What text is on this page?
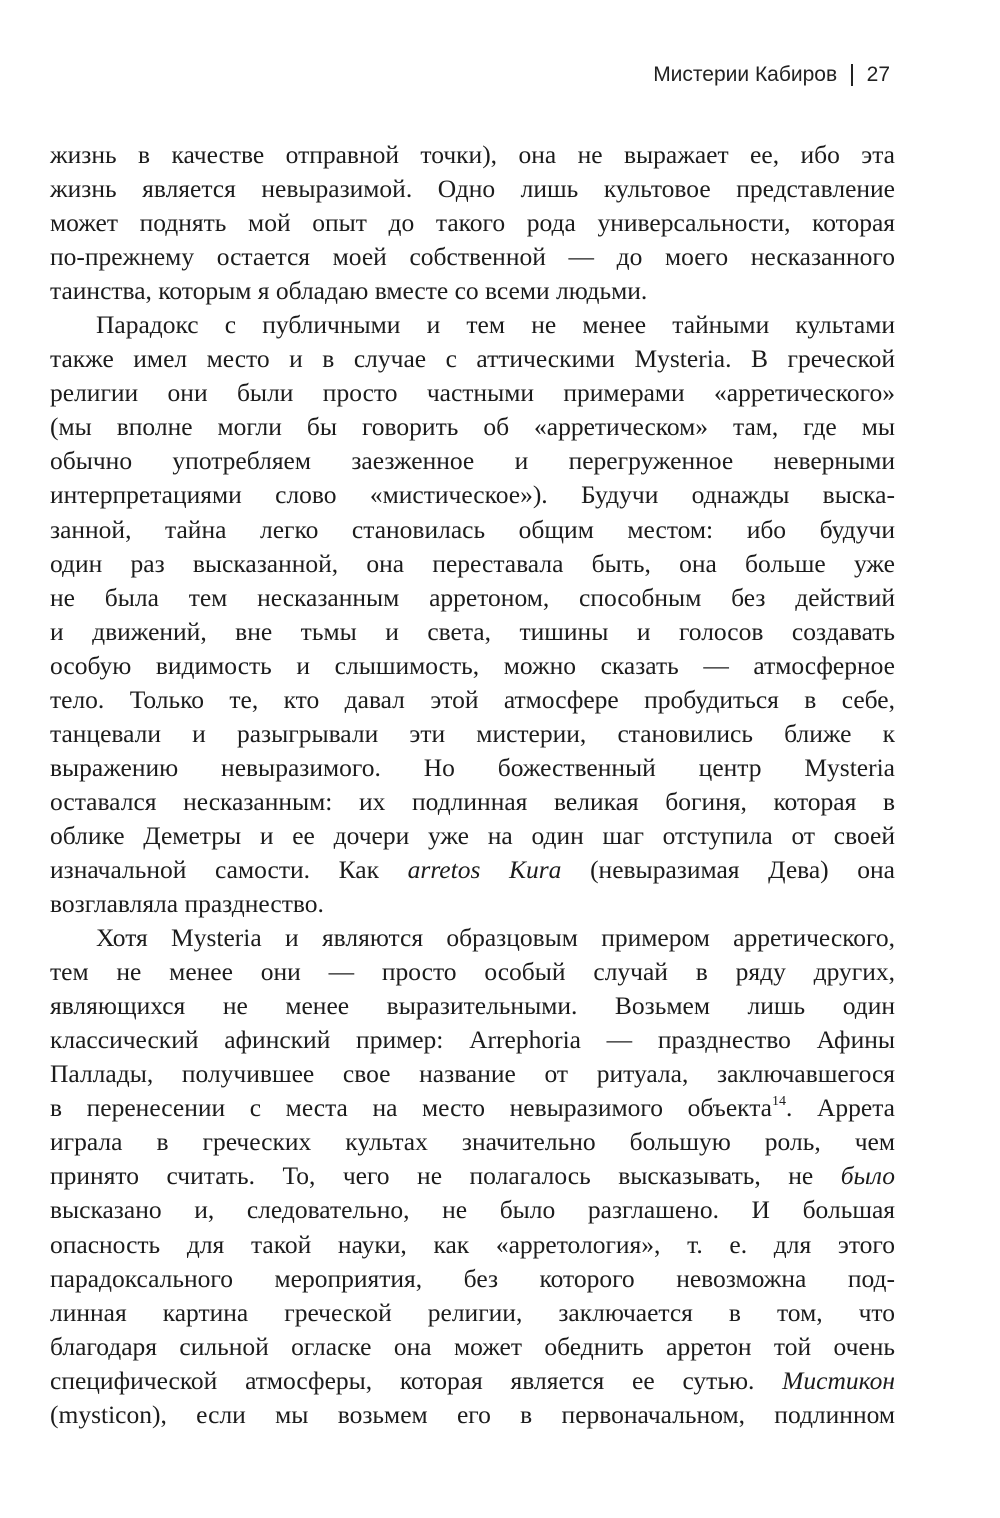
Мистерии Кабиров 27
жизнь в качестве отправной точки), она не выражает ее, ибо эта
жизнь является невыразимой. Одно лишь культовое представление
может поднять мой опыт до такого рода универсальности, которая
по-прежнему остается моей собственной — до моего несказанного
таинства, которым я обладаю вместе со всеми людьми.
Парадокс с публичными и тем не менее тайными культами
также имел место и в случае с аттическими Mysteria. В греческой
религии они были просто частными примерами «арретического»
(мы вполне могли бы говорить об «арретическом» там, где мы
обычно употребляем заезженное и перегруженное неверными
интерпретациями слово «мистическое»). Будучи однажды выска-
занной, тайна легко становилась общим местом: ибо будучи
один раз высказанной, она переставала быть, она больше уже
не была тем несказанным арретоном, способным без действий
и движений, вне тьмы и света, тишины и голосов создавать
особую видимость и слышимость, можно сказать — атмосферное
тело. Только те, кто давал этой атмосфере пробудиться в себе,
танцевали и разыгрывали эти мистерии, становились ближе к
выражению невыразимого. Но божественный центр Mysteria
оставался несказанным: их подлинная великая богиня, которая в
облике Деметры и ее дочери уже на один шаг отступила от своей
изначальной самости. Как arretos Kura (невыразимая Дева) она
возглавляла празднество.
Хотя Mysteria и являются образцовым примером арретического,
тем не менее они — просто особый случай в ряду других,
являющихся не менее выразительными. Возьмем лишь один
классический афинский пример: Arrephoria — празднество Афины
Паллады, получившее свое название от ритуала, заключавшегося
в перенесении с места на место невыразимого объекта$^{14}$. Аррета
играла в греческих культах значительно большую роль, чем
принято считать. То, чего не полагалось высказывать, не было
высказано и, следовательно, не было разглашено. И большая
опасность для такой науки, как «арретология», т. е. для этого
парадоксального мероприятия, без которого невозможна под-
линная картина греческой религии, заключается в том, что
благодаря сильной огласке она может обеднить арретон той очень
специфической атмосферы, которая является ее сутью. Мистикон
(mysticon), если мы возьмем его в первоначальном, подлинном
